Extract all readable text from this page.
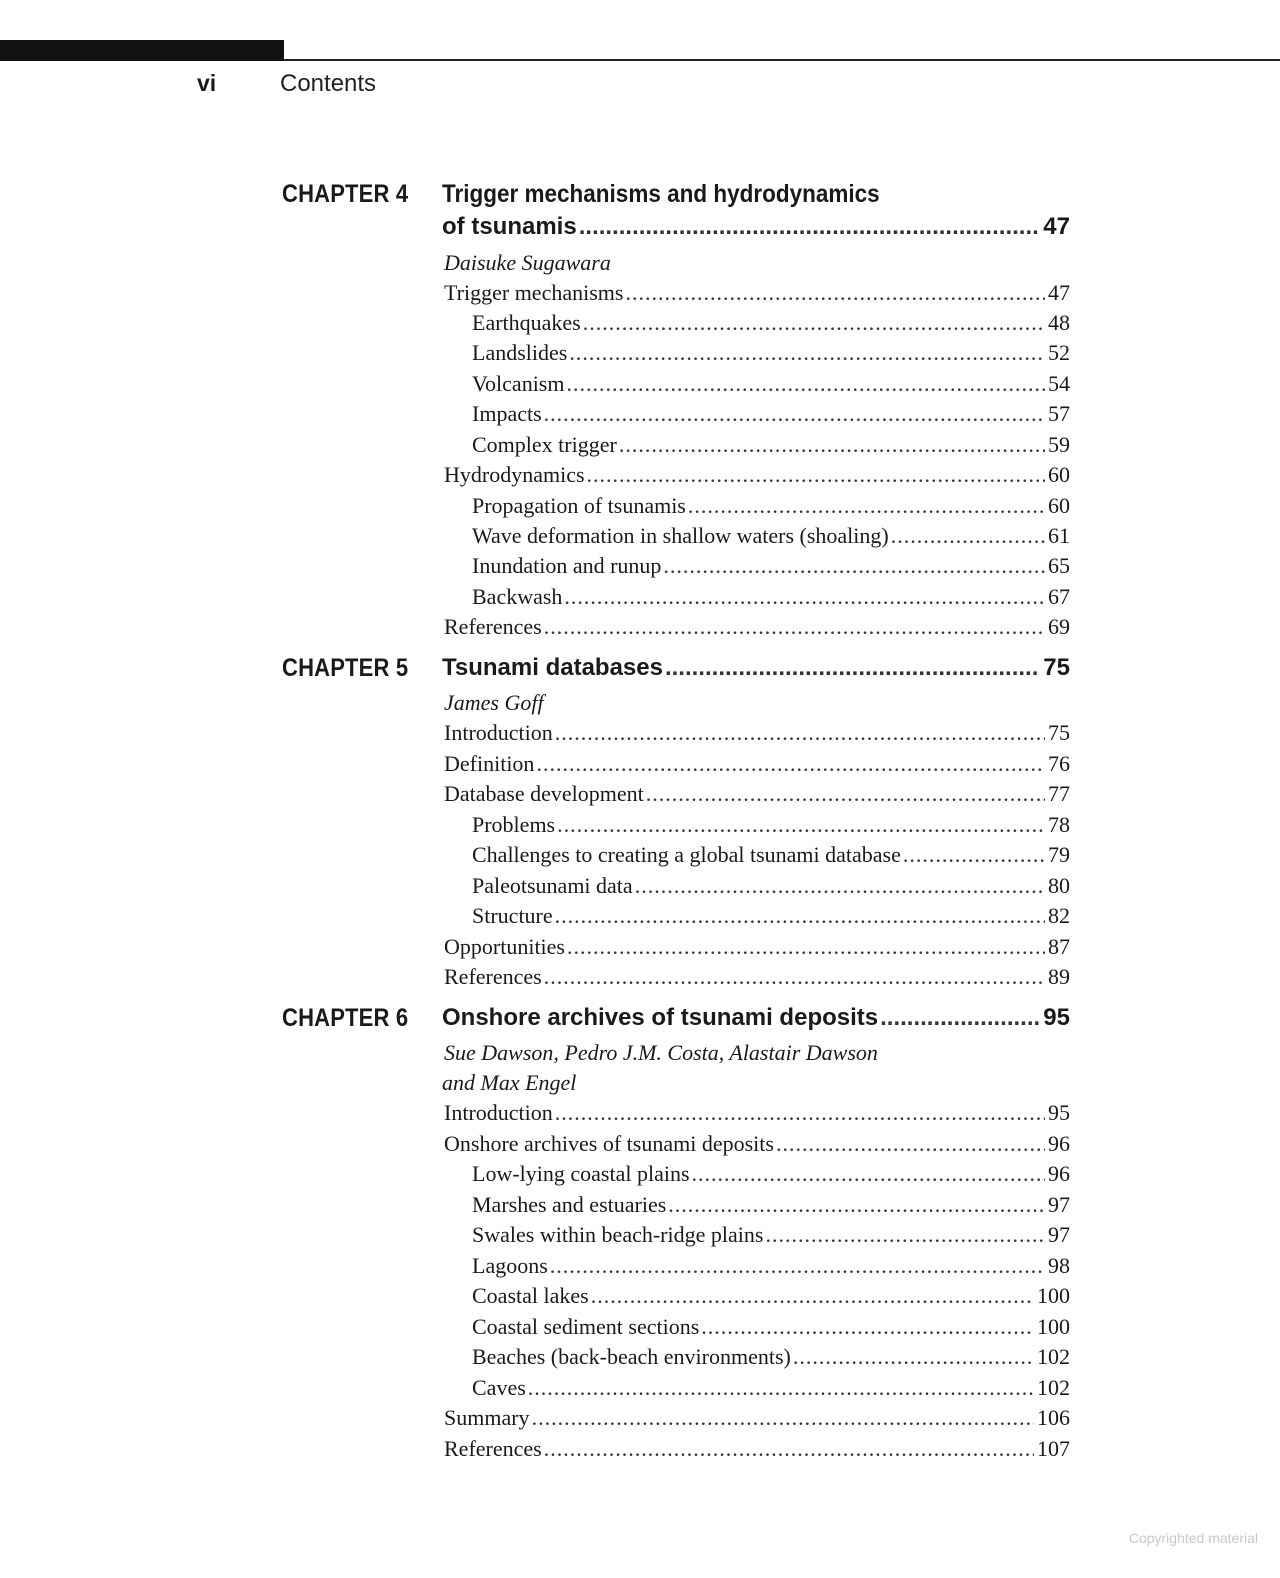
vi	Contents
CHAPTER 4 Trigger mechanisms and hydrodynamics
of tsunamis .....	47
Daisuke Sugawara
Trigger mechanisms .....	47
Earthquakes .....	48
Landslides .....	52
Volcanism .....	54
Impacts .....	57
Complex trigger .....	59
Hydrodynamics .....	60
Propagation of tsunamis .....	60
Wave deformation in shallow waters (shoaling) .....	61
Inundation and runup .....	65
Backwash .....	67
References .....	69
CHAPTER 5 Tsunami databases .....	75
James Goff
Introduction .....	75
Definition .....	76
Database development .....	77
Problems .....	78
Challenges to creating a global tsunami database .....	79
Paleotsunami data .....	80
Structure .....	82
Opportunities .....	87
References .....	89
CHAPTER 6 Onshore archives of tsunami deposits .....	95
Sue Dawson, Pedro J.M. Costa, Alastair Dawson
and Max Engel
Introduction .....	95
Onshore archives of tsunami deposits .....	96
Low-lying coastal plains .....	96
Marshes and estuaries .....	97
Swales within beach-ridge plains .....	97
Lagoons .....	98
Coastal lakes .....	100
Coastal sediment sections .....	100
Beaches (back-beach environments) .....	102
Caves .....	102
Summary .....	106
References .....	107
Copyrighted material
